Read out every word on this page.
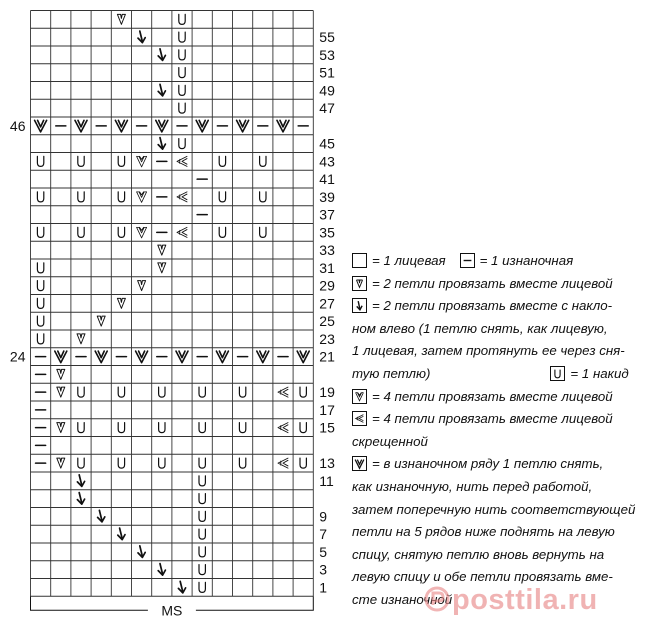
55
53
51
49
47
45
43
41
39
37
35
33
31
29
27
25
23
21
19
17
15
13
11
9
7
5
3
1
46
24
MS
= 1 лицевая	= 1 изнаночная
= 2 петли провязать вместе лицевой
= 2 петли провязать вместе с накло-
ном влево (1 петлю снять, как лицевую,
1 лицевая, затем протянуть ее через сня-
тую петлю)	= 1 накид
= 4 петли провязать вместе лицевой
= 4 петли провязать вместе лицевой
скрещенной
= в изнаночном ряду 1 петлю снять,
как изнаночную, нить перед работой,
затем поперечную нить соответствующей
петли на 5 рядов ниже поднять на левую
спицу, снятую петлю вновь вернуть на
левую спицу и обе петли провязать вме-
сте изнаночной posttila.ru
